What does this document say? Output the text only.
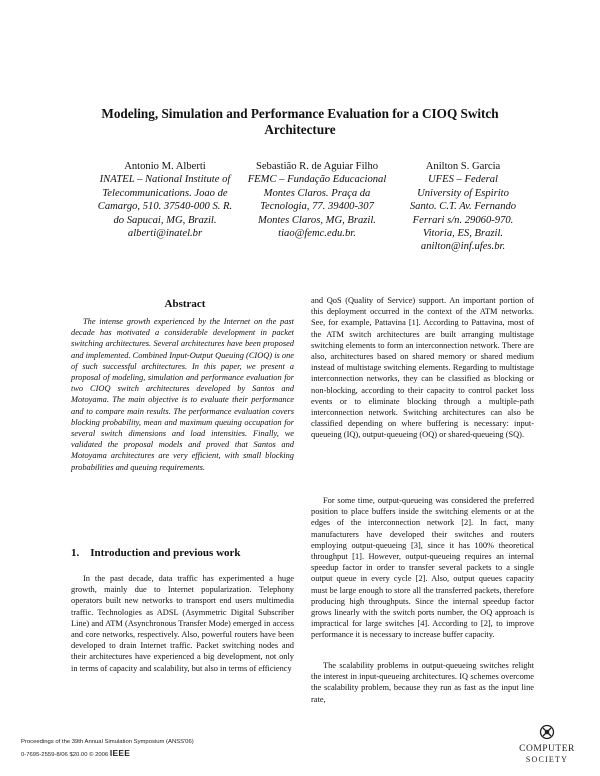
Modeling, Simulation and Performance Evaluation for a CIOQ Switch
Architecture
Antonio M. Alberti
INATEL – National Institute of
Telecommunications. Joao de
Camargo, 510. 37540-000 S. R.
do Sapucai, MG, Brazil.
alberti@inatel.br
Sebastião R. de Aguiar Filho
FEMC – Fundação Educacional
Montes Claros. Praça da
Tecnologia, 77. 39400-307
Montes Claros, MG, Brazil.
tiao@femc.edu.br.
Anilton S. Garcia
UFES – Federal
University of Espirito
Santo. C.T. Av. Fernando
Ferrari s/n. 29060-970.
Vitoria, ES, Brazil.
anilton@inf.ufes.br.
Abstract

The intense growth experienced by the Internet on the past decade has motivated a considerable development in packet switching architectures. Several architectures have been proposed and implemented. Combined Input-Output Queuing (CIOQ) is one of such successful architectures. In this paper, we present a proposal of modeling, simulation and performance evaluation for two CIOQ switch architectures developed by Santos and Motoyama. The main objective is to evaluate their performance and to compare main results. The performance evaluation covers blocking probability, mean and maximum queuing occupation for several switch dimensions and load intensities. Finally, we validated the proposal models and proved that Santos and Motoyama architectures are very efficient, with small blocking probabilities and queuing requirements.

1.    Introduction and previous work

In the past decade, data traffic has experimented a huge growth, mainly due to Internet popularization. Telephony operators built new networks to transport end users multimedia traffic. Technologies as ADSL (Asymmetric Digital Subscriber Line) and ATM (Asynchronous Transfer Mode) emerged in access and core networks, respectively. Also, powerful routers have been developed to drain Internet traffic. Packet switching nodes and their architectures have experienced a big development, not only in terms of capacity and scalability, but also in terms of efficiency

and QoS (Quality of Service) support. An important portion of this deployment occurred in the context of the ATM networks. See, for example, Pattavina [1]. According to Pattavina, most of the ATM switch architectures are built arranging multistage switching elements to form an interconnection network. There are also, architectures based on shared memory or shared medium instead of multistage switching elements. Regarding to multistage interconnection networks, they can be classified as blocking or non-blocking, according to their capacity to control packet loss events or to eliminate blocking through a multiple-path interconnection network. Switching architectures can also be classified depending on where buffering is necessary: input-queueing (IQ), output-queueing (OQ) or shared-queueing (SQ).

For some time, output-queueing was considered the preferred position to place buffers inside the switching elements or at the edges of the interconnection network [2]. In fact, many manufacturers have developed their switches and routers employing output-queueing [3], since it has 100% theoretical throughput [1]. However, output-queueing requires an internal speedup factor in order to transfer several packets to a single output queue in every cycle [2]. Also, output queues capacity must be large enough to store all the transferred packets, therefore producing high throughputs. Since the internal speedup factor grows linearly with the switch ports number, the OQ approach is impractical for large switches [4]. According to [2], to improve performance it is necessary to increase buffer capacity.

The scalability problems in output-queueing switches relight the interest in input-queueing architectures. IQ schemes overcome the scalability problem, because they run as fast as the input line rate,

Proceedings of the 39th Annual Simulation Symposium (ANSS'06)
0-7695-2559-8/06 $20.00 © 2006 IEEE	COMPUTER
SOCIETY
